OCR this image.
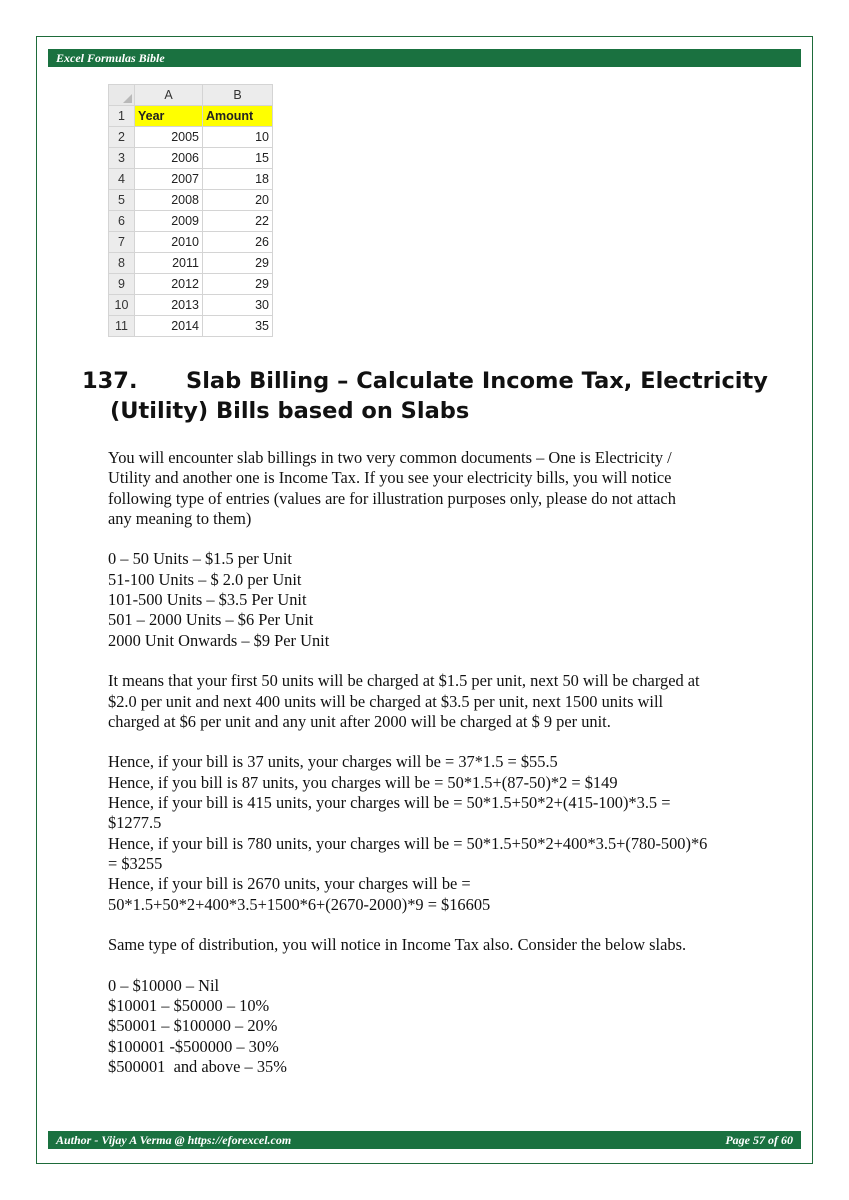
Excel Formulas Bible
	A	B
1	Year	Amount
2	2005	10
3	2006	15
4	2007	18
5	2008	20
6	2009	22
7	2010	26
8	2011	29
9	2012	29
10	2013	30
11	2014	35
137.	Slab Billing – Calculate Income Tax, Electricity
(Utility) Bills based on Slabs

You will encounter slab billings in two very common documents – One is Electricity /

Utility and another one is Income Tax. If you see your electricity bills, you will notice

following type of entries (values are for illustration purposes only, please do not attach

any meaning to them)

0 – 50 Units – $1.5 per Unit

51-100 Units – $ 2.0 per Unit

101-500 Units – $3.5 Per Unit

501 – 2000 Units – $6 Per Unit

2000 Unit Onwards – $9 Per Unit

It means that your first 50 units will be charged at $1.5 per unit, next 50 will be charged at

$2.0 per unit and next 400 units will be charged at $3.5 per unit, next 1500 units will

charged at $6 per unit and any unit after 2000 will be charged at $ 9 per unit.

Hence, if your bill is 37 units, your charges will be = 37*1.5 = $55.5

Hence, if you bill is 87 units, you charges will be = 50*1.5+(87-50)*2 = $149

Hence, if your bill is 415 units, your charges will be = 50*1.5+50*2+(415-100)*3.5 =

$1277.5

Hence, if your bill is 780 units, your charges will be = 50*1.5+50*2+400*3.5+(780-500)*6

= $3255

Hence, if your bill is 2670 units, your charges will be =

50*1.5+50*2+400*3.5+1500*6+(2670-2000)*9 = $16605

Same type of distribution, you will notice in Income Tax also. Consider the below slabs.

0 – $10000 – Nil

$10001 – $50000 – 10%

$50001 – $100000 – 20%

$100001 -$500000 – 30%

$500001  and above – 35%

Author - Vijay A Verma @ https://eforexcel.com	Page 57 of 60
